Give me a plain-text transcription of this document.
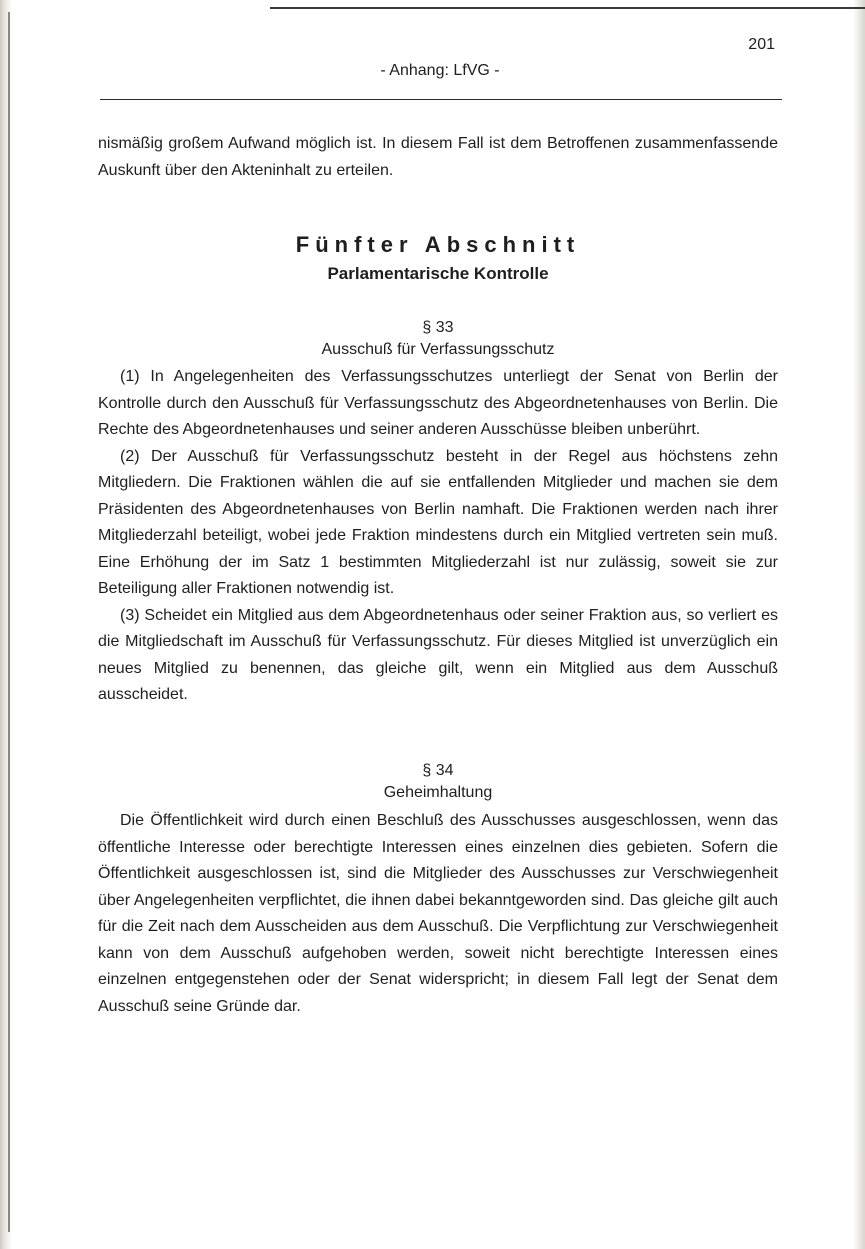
201
- Anhang: LfVG -

nismäßig großem Aufwand möglich ist. In diesem Fall ist dem Betroffenen zusammenfassende Auskunft über den Akteninhalt zu erteilen.

Fünfter Abschnitt
Parlamentarische Kontrolle
§ 33
Ausschuß für Verfassungsschutz

(1) In Angelegenheiten des Verfassungsschutzes unterliegt der Senat von Berlin der Kontrolle durch den Ausschuß für Verfassungsschutz des Abgeordnetenhauses von Berlin. Die Rechte des Abgeordnetenhauses und seiner anderen Ausschüsse bleiben unberührt.

(2) Der Ausschuß für Verfassungsschutz besteht in der Regel aus höchstens zehn Mitgliedern. Die Fraktionen wählen die auf sie entfallenden Mitglieder und machen sie dem Präsidenten des Abgeordnetenhauses von Berlin namhaft. Die Fraktionen werden nach ihrer Mitgliederzahl beteiligt, wobei jede Fraktion mindestens durch ein Mitglied vertreten sein muß. Eine Erhöhung der im Satz 1 bestimmten Mitgliederzahl ist nur zulässig, soweit sie zur Beteiligung aller Fraktionen notwendig ist.

(3) Scheidet ein Mitglied aus dem Abgeordnetenhaus oder seiner Fraktion aus, so verliert es die Mitgliedschaft im Ausschuß für Verfassungsschutz. Für dieses Mitglied ist unverzüglich ein neues Mitglied zu benennen, das gleiche gilt, wenn ein Mitglied aus dem Ausschuß ausscheidet.

§ 34
Geheimhaltung

Die Öffentlichkeit wird durch einen Beschluß des Ausschusses ausgeschlossen, wenn das öffentliche Interesse oder berechtigte Interessen eines einzelnen dies gebieten. Sofern die Öffentlichkeit ausgeschlossen ist, sind die Mitglieder des Ausschusses zur Verschwiegenheit über Angelegenheiten verpflichtet, die ihnen dabei bekanntgeworden sind. Das gleiche gilt auch für die Zeit nach dem Ausscheiden aus dem Ausschuß. Die Verpflichtung zur Verschwiegenheit kann von dem Ausschuß aufgehoben werden, soweit nicht berechtigte Interessen eines einzelnen entgegenstehen oder der Senat widerspricht; in diesem Fall legt der Senat dem Ausschuß seine Gründe dar.
